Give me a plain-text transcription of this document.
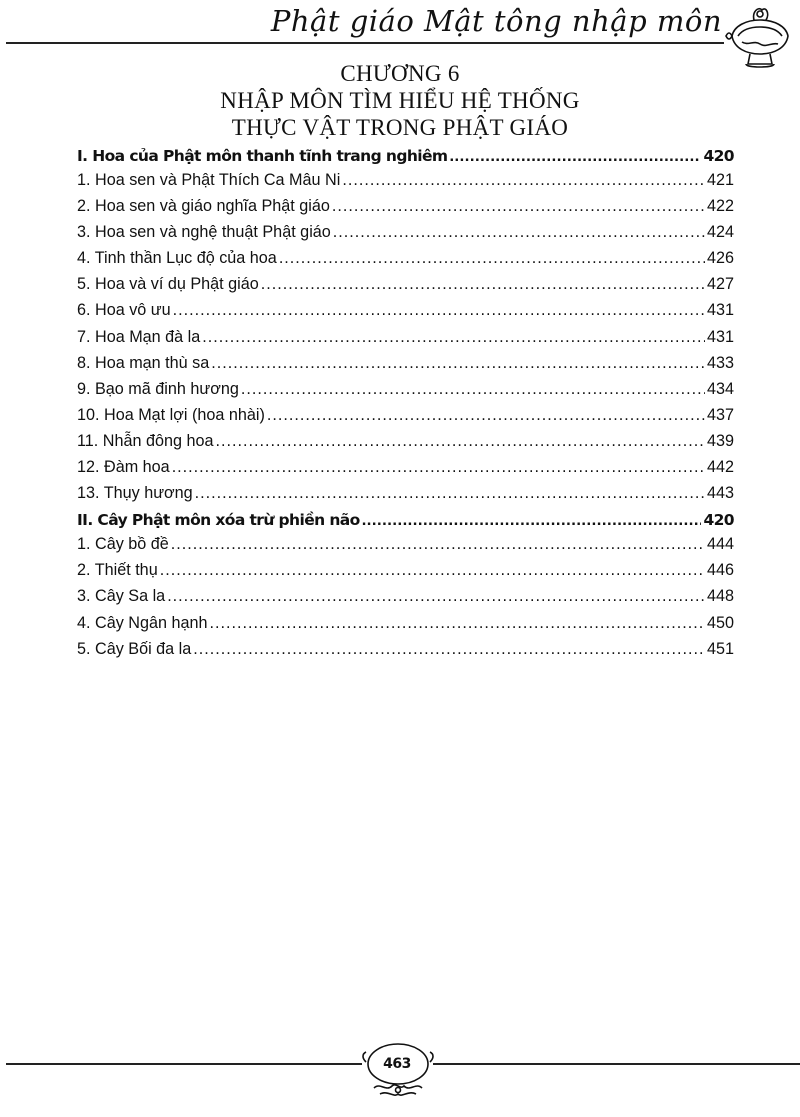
Phật giáo Mật tông nhập môn
CHƯƠNG 6
NHẬP MÔN TÌM HIỂU HỆ THỐNG
THỰC VẬT TRONG PHẬT GIÁO
I. Hoa của Phật môn thanh tĩnh trang nghiêm .....	420
1. Hoa sen và Phật Thích Ca Mâu Ni .....	421
2. Hoa sen và giáo nghĩa Phật giáo .....	422
3. Hoa sen và nghệ thuật Phật giáo .....	424
4. Tinh thần Lục độ của hoa .....	426
5. Hoa và ví dụ Phật giáo .....	427
6. Hoa vô ưu .....	431
7. Hoa Mạn đà la .....	431
8. Hoa mạn thù sa .....	433
9. Bạo mã đinh hương .....	434
10. Hoa Mạt lợi (hoa nhài) .....	437
11. Nhẫn đông hoa .....	439
12. Đàm hoa .....	442
13. Thụy hương .....	443
II. Cây Phật môn xóa trừ phiền não .....	420
1. Cây bồ đề .....	444
2. Thiết thụ .....	446
3. Cây Sa la .....	448
4. Cây Ngân hạnh .....	450
5. Cây Bối đa la .....	451
463
